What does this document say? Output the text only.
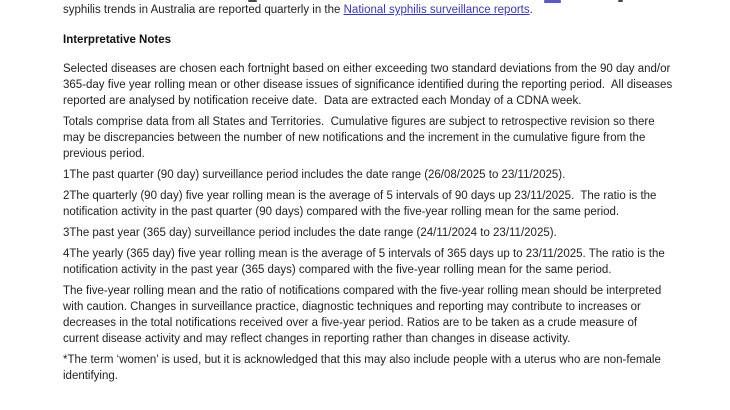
syphilis trends in Australia are reported quarterly in the National syphilis surveillance reports.

Interpretative Notes

Selected diseases are chosen each fortnight based on either exceeding two standard deviations from the 90 day and/or 365-day five year rolling mean or other disease issues of significance identified during the reporting period.  All diseases reported are analysed by notification receive date.  Data are extracted each Monday of a CDNA week.

Totals comprise data from all States and Territories.  Cumulative figures are subject to retrospective revision so there may be discrepancies between the number of new notifications and the increment in the cumulative figure from the previous period.

1The past quarter (90 day) surveillance period includes the date range (26/08/2025 to 23/11/2025).

2The quarterly (90 day) five year rolling mean is the average of 5 intervals of 90 days up 23/11/2025.  The ratio is the notification activity in the past quarter (90 days) compared with the five-year rolling mean for the same period.

3The past year (365 day) surveillance period includes the date range (24/11/2024 to 23/11/2025).

4The yearly (365 day) five year rolling mean is the average of 5 intervals of 365 days up to 23/11/2025. The ratio is the notification activity in the past year (365 days) compared with the five-year rolling mean for the same period.

The five-year rolling mean and the ratio of notifications compared with the five-year rolling mean should be interpreted with caution. Changes in surveillance practice, diagnostic techniques and reporting may contribute to increases or decreases in the total notifications received over a five-year period. Ratios are to be taken as a crude measure of current disease activity and may reflect changes in reporting rather than changes in disease activity.

*The term ‘women’ is used, but it is acknowledged that this may also include people with a uterus who are non-female identifying.
